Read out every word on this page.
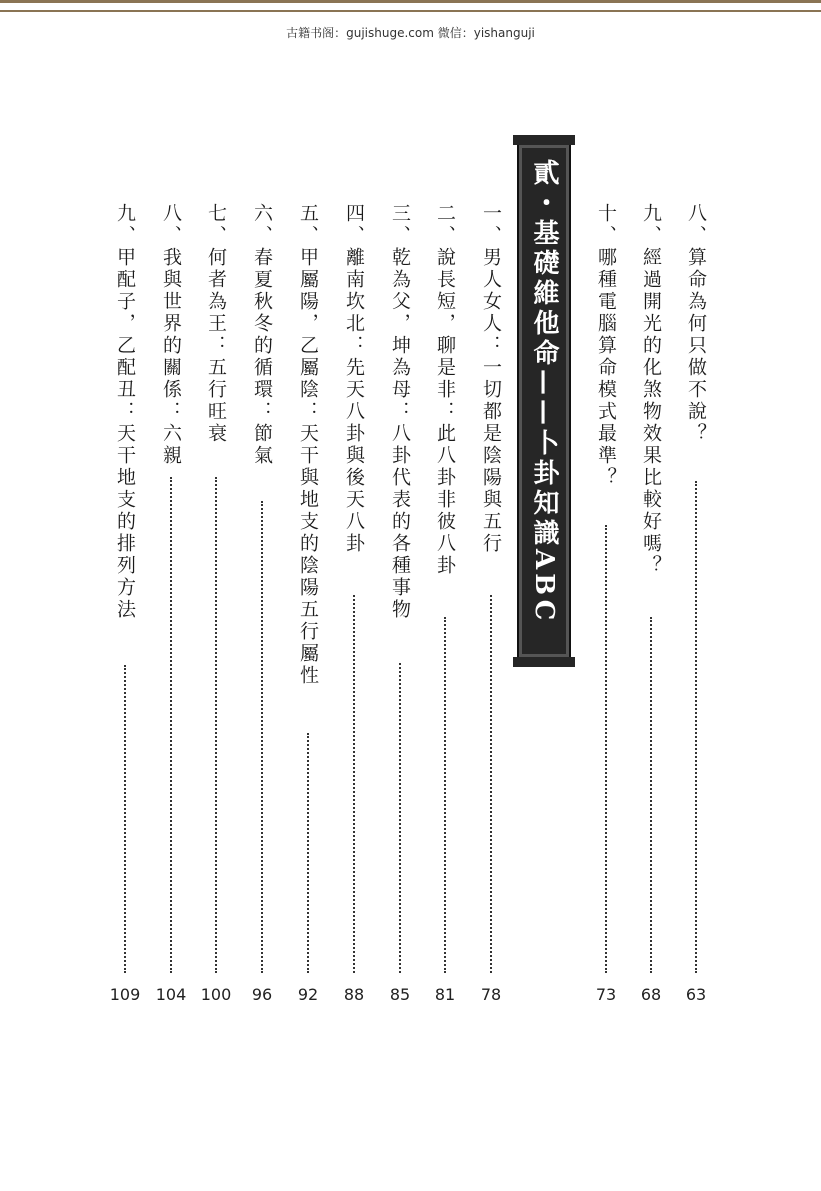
古籍书阁：gujishuge.com 微信：yishanguji
八、算命為何只做不說？
63
九、經過開光的化煞物效果比較好嗎？
68
十、哪種電腦算命模式最準？
73
貳・基礎維他命——卜卦知識ABC
一、男人女人：一切都是陰陽與五行
78
二、說長短，聊是非：此八卦非彼八卦
81
三、乾為父，坤為母：八卦代表的各種事物
85
四、離南坎北：先天八卦與後天八卦
88
五、甲屬陽，乙屬陰：天干與地支的陰陽五行屬性
92
六、春夏秋冬的循環：節氣
96
七、何者為王：五行旺衰
100
八、我與世界的關係：六親
104
九、甲配子，乙配丑：天干地支的排列方法
109
